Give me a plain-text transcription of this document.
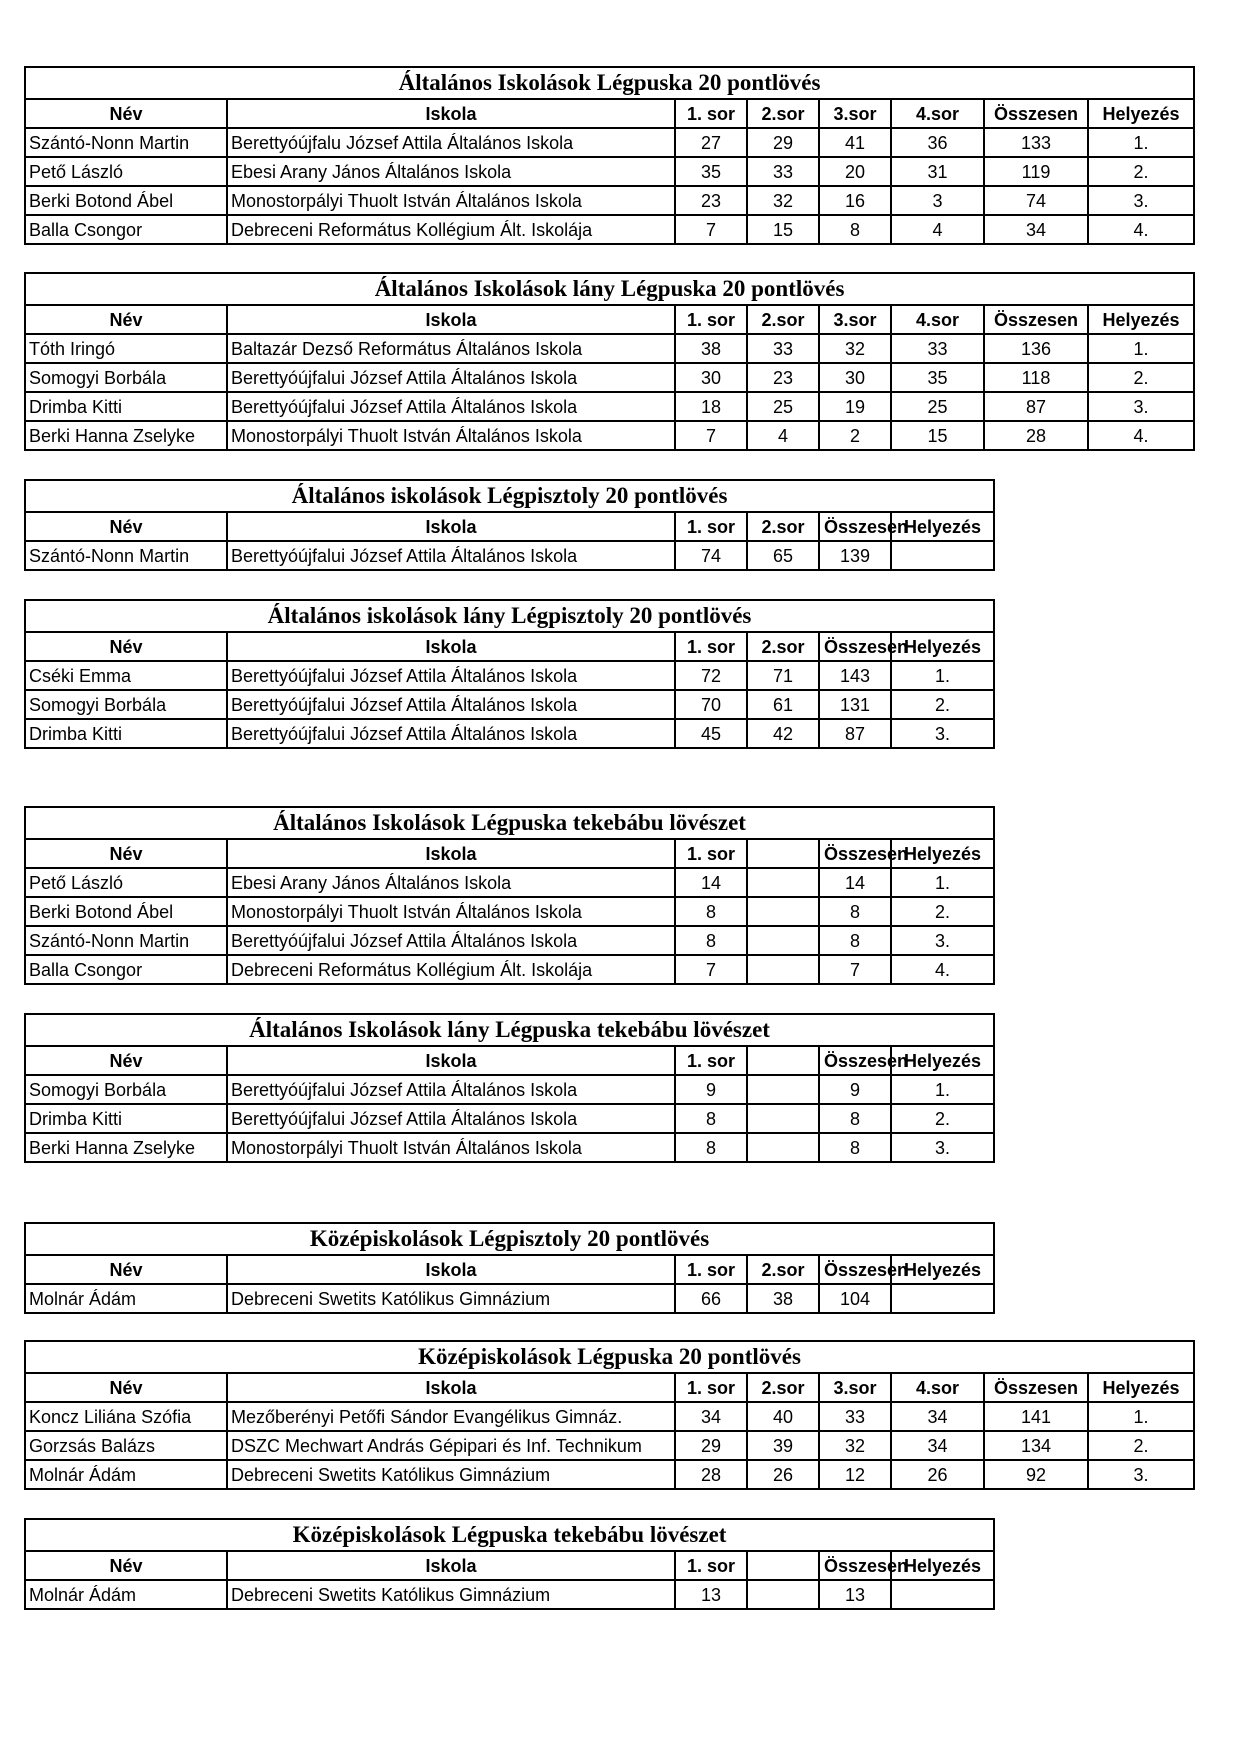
Általános Iskolások Légpuska 20 pontlövés							
Név	Iskola	1. sor	2.sor	3.sor	4.sor	Összesen	Helyezés
Szántó-Nonn Martin	Berettyóújfalu József Attila Általános Iskola	27	29	41	36	133	1.
Pető László	Ebesi Arany János Általános Iskola	35	33	20	31	119	2.
Berki Botond Ábel	Monostorpályi Thuolt István Általános Iskola	23	32	16	3	74	3.
Balla Csongor	Debreceni Református Kollégium Ált. Iskolája	7	15	8	4	34	4.
Általános Iskolások lány Légpuska 20 pontlövés							
Név	Iskola	1. sor	2.sor	3.sor	4.sor	Összesen	Helyezés
Tóth Iringó	Baltazár Dezső Református Általános Iskola	38	33	32	33	136	1.
Somogyi Borbála	Berettyóújfalui József Attila Általános Iskola	30	23	30	35	118	2.
Drimba Kitti	Berettyóújfalui József Attila Általános Iskola	18	25	19	25	87	3.
Berki Hanna Zselyke	Monostorpályi Thuolt István Általános Iskola	7	4	2	15	28	4.
Általános iskolások Légpisztoly 20 pontlövés					
Név	Iskola	1. sor	2.sor	Összesen	Helyezés
Szántó-Nonn Martin	Berettyóújfalui József Attila Általános Iskola	74	65	139	
Általános iskolások lány Légpisztoly 20 pontlövés					
Név	Iskola	1. sor	2.sor	Összesen	Helyezés
Cséki Emma	Berettyóújfalui József Attila Általános Iskola	72	71	143	1.
Somogyi Borbála	Berettyóújfalui József Attila Általános Iskola	70	61	131	2.
Drimba Kitti	Berettyóújfalui József Attila Általános Iskola	45	42	87	3.
Általános Iskolások Légpuska tekebábu lövészet					
Név	Iskola	1. sor		Összesen	Helyezés
Pető László	Ebesi Arany János Általános Iskola	14		14	1.
Berki Botond Ábel	Monostorpályi Thuolt István Általános Iskola	8		8	2.
Szántó-Nonn Martin	Berettyóújfalui József Attila Általános Iskola	8		8	3.
Balla Csongor	Debreceni Református Kollégium Ált. Iskolája	7		7	4.
Általános Iskolások lány Légpuska tekebábu lövészet					
Név	Iskola	1. sor		Összesen	Helyezés
Somogyi Borbála	Berettyóújfalui József Attila Általános Iskola	9		9	1.
Drimba Kitti	Berettyóújfalui József Attila Általános Iskola	8		8	2.
Berki Hanna Zselyke	Monostorpályi Thuolt István Általános Iskola	8		8	3.
Középiskolások Légpisztoly 20 pontlövés					
Név	Iskola	1. sor	2.sor	Összesen	Helyezés
Molnár Ádám	Debreceni Swetits Katólikus Gimnázium	66	38	104	
Középiskolások Légpuska 20 pontlövés							
Név	Iskola	1. sor	2.sor	3.sor	4.sor	Összesen	Helyezés
Koncz Liliána Szófia	Mezőberényi Petőfi Sándor Evangélikus Gimnáz.	34	40	33	34	141	1.
Gorzsás Balázs	DSZC Mechwart András Gépipari és Inf. Technikum	29	39	32	34	134	2.
Molnár Ádám	Debreceni Swetits Katólikus Gimnázium	28	26	12	26	92	3.
Középiskolások Légpuska tekebábu lövészet					
Név	Iskola	1. sor		Összesen	Helyezés
Molnár Ádám	Debreceni Swetits Katólikus Gimnázium	13		13	
